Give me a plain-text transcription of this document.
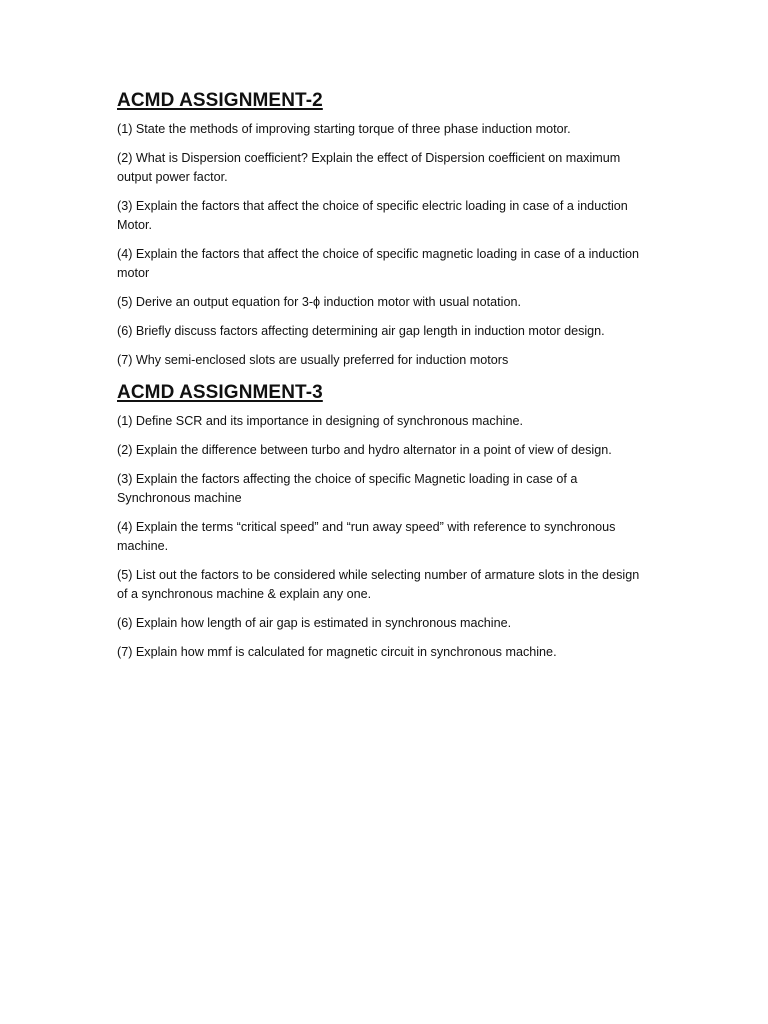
ACMD ASSIGNMENT-2
(1) State the methods of improving starting torque of three phase induction motor.
(2) What is Dispersion coefficient? Explain the effect of Dispersion coefficient on maximum output power factor.
(3) Explain the factors that affect the choice of specific electric loading in case of a induction Motor.
(4) Explain the factors that affect the choice of specific magnetic loading in case of a induction motor
(5) Derive an output equation for 3-ϕ induction motor with usual notation.
(6) Briefly discuss factors affecting determining air gap length in induction motor design.
(7) Why semi-enclosed slots are usually preferred for induction motors
ACMD ASSIGNMENT-3
(1) Define SCR and its importance in designing of synchronous machine.
(2) Explain the difference between turbo and hydro alternator in a point of view of design.
(3) Explain the factors affecting the choice of specific Magnetic loading in case of a Synchronous machine
(4) Explain the terms “critical speed” and “run away speed” with reference to synchronous machine.
(5) List out the factors to be considered while selecting number of armature slots in the design of a synchronous machine & explain any one.
(6) Explain how length of air gap is estimated in synchronous machine.
(7) Explain how mmf is calculated for magnetic circuit in synchronous machine.
